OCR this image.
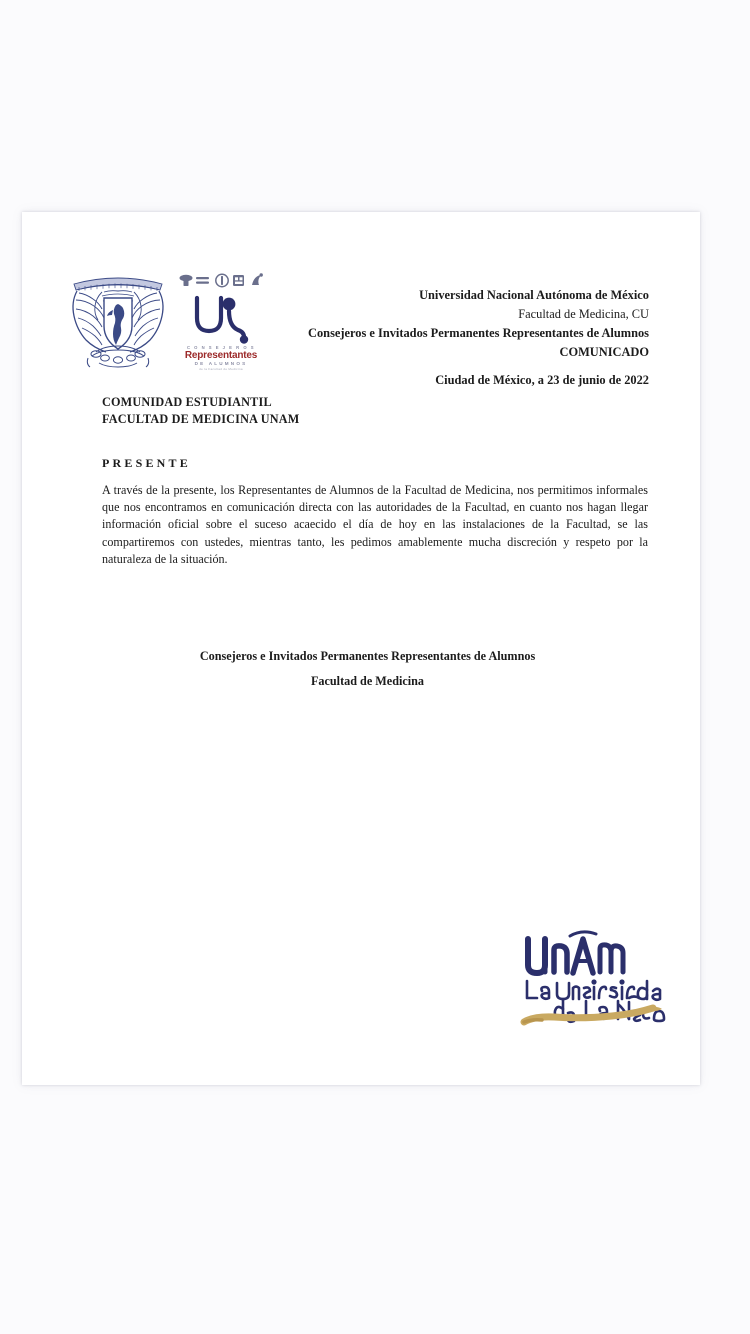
C O N S E J E R O S
Representantes
DE ALUMNOS
de la Facultad de Medicina
Universidad Nacional Autónoma de México
Facultad de Medicina, CU
Consejeros e Invitados Permanentes Representantes de Alumnos
COMUNICADO
Ciudad de México, a 23 de junio de 2022
COMUNIDAD ESTUDIANTIL
FACULTAD DE MEDICINA UNAM
PRESENTE

A través de la presente, los Representantes de Alumnos de la Facultad de Medicina, nos permitimos informales que nos encontramos en comunicación directa con las autoridades de la Facultad, en cuanto nos hagan llegar información oficial sobre el suceso acaecido el día de hoy en las instalaciones de la Facultad, se las compartiremos con ustedes, mientras tanto, les pedimos amablemente mucha discreción y respeto por la naturaleza de la situación.

Consejeros e Invitados Permanentes Representantes de Alumnos
Facultad de Medicina
